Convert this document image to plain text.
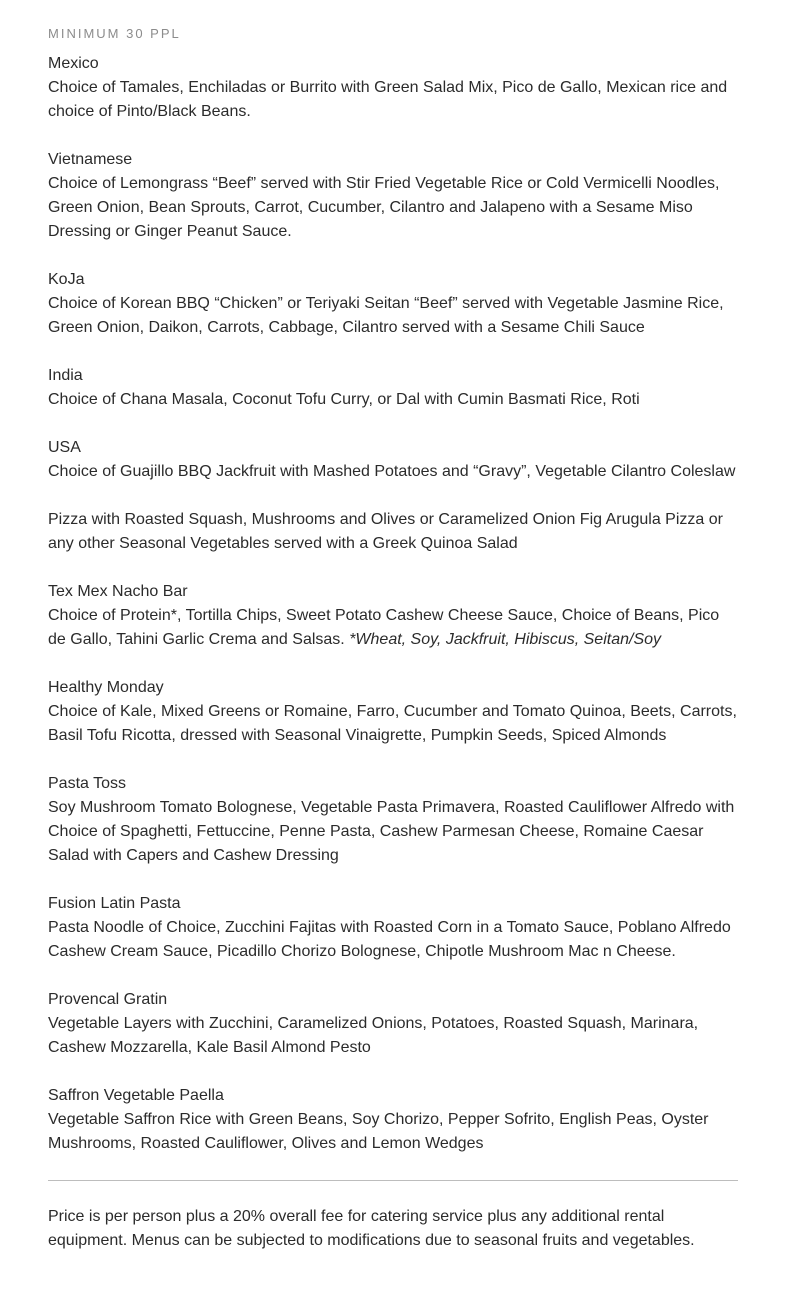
MINIMUM 30 PPL
Mexico
Choice of Tamales, Enchiladas or Burrito with Green Salad Mix, Pico de Gallo, Mexican rice and choice of Pinto/Black Beans.
Vietnamese
Choice of Lemongrass “Beef” served with Stir Fried Vegetable Rice or Cold Vermicelli Noodles, Green Onion, Bean Sprouts, Carrot, Cucumber, Cilantro and Jalapeno with a Sesame Miso Dressing or Ginger Peanut Sauce.
KoJa
Choice of Korean BBQ “Chicken” or Teriyaki Seitan “Beef” served with Vegetable Jasmine Rice, Green Onion, Daikon, Carrots, Cabbage, Cilantro served with a Sesame Chili Sauce
India
Choice of Chana Masala, Coconut Tofu Curry, or Dal with Cumin Basmati Rice, Roti
USA
Choice of Guajillo BBQ Jackfruit with Mashed Potatoes and “Gravy”, Vegetable Cilantro Coleslaw
Pizza with Roasted Squash, Mushrooms and Olives or Caramelized Onion Fig Arugula Pizza or any other Seasonal Vegetables served with a Greek Quinoa Salad
Tex Mex Nacho Bar
Choice of Protein*, Tortilla Chips, Sweet Potato Cashew Cheese Sauce, Choice of Beans, Pico de Gallo, Tahini Garlic Crema and Salsas. *Wheat, Soy, Jackfruit, Hibiscus, Seitan/Soy
Healthy Monday
Choice of Kale, Mixed Greens or Romaine, Farro, Cucumber and Tomato Quinoa, Beets, Carrots, Basil Tofu Ricotta, dressed with Seasonal Vinaigrette, Pumpkin Seeds, Spiced Almonds
Pasta Toss
Soy Mushroom Tomato Bolognese, Vegetable Pasta Primavera, Roasted Cauliflower Alfredo with Choice of Spaghetti, Fettuccine, Penne Pasta, Cashew Parmesan Cheese, Romaine Caesar Salad with Capers and Cashew Dressing
Fusion Latin Pasta
Pasta Noodle of Choice, Zucchini Fajitas with Roasted Corn in a Tomato Sauce, Poblano Alfredo Cashew Cream Sauce, Picadillo Chorizo Bolognese, Chipotle Mushroom Mac n Cheese.
Provencal Gratin
Vegetable Layers with Zucchini, Caramelized Onions, Potatoes, Roasted Squash, Marinara, Cashew Mozzarella, Kale Basil Almond Pesto
Saffron Vegetable Paella
Vegetable Saffron Rice with Green Beans, Soy Chorizo, Pepper Sofrito, English Peas, Oyster Mushrooms, Roasted Cauliflower, Olives and Lemon Wedges

Price is per person plus a 20% overall fee for catering service plus any additional rental equipment. Menus can be subjected to modifications due to seasonal fruits and vegetables.
